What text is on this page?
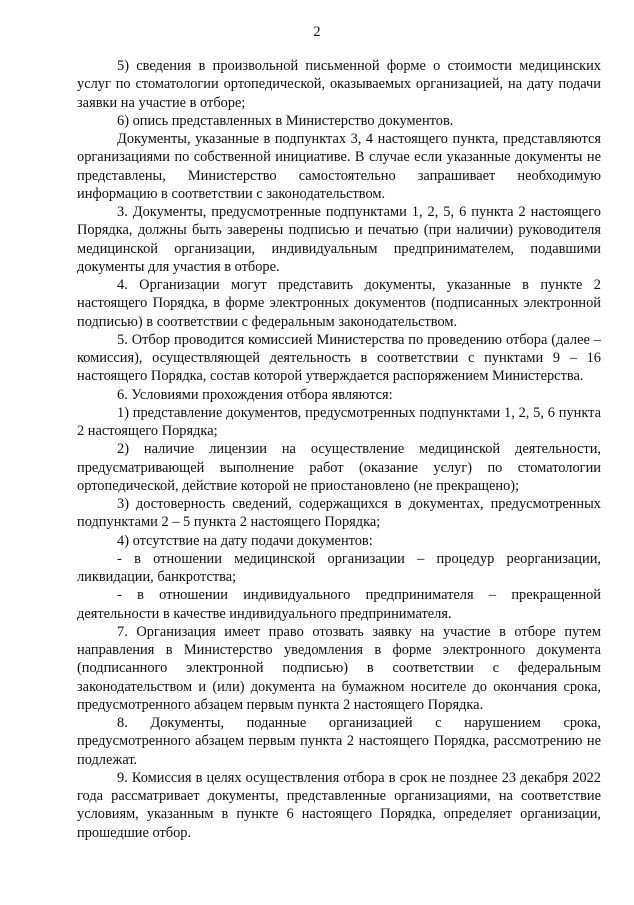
2

5) сведения в произвольной письменной форме о стоимости медицинских услуг по стоматологии ортопедической, оказываемых организацией, на дату подачи заявки на участие в отборе;

6) опись представленных в Министерство документов.

Документы, указанные в подпунктах 3, 4 настоящего пункта, представляются организациями по собственной инициативе. В случае если указанные документы не представлены, Министерство самостоятельно запрашивает необходимую информацию в соответствии с законодательством.

3. Документы, предусмотренные подпунктами 1, 2, 5, 6 пункта 2 настоящего Порядка, должны быть заверены подписью и печатью (при наличии) руководителя медицинской организации, индивидуальным предпринимателем, подавшими документы для участия в отборе.

4. Организации могут представить документы, указанные в пункте 2 настоящего Порядка, в форме электронных документов (подписанных электронной подписью) в соответствии с федеральным законодательством.

5. Отбор проводится комиссией Министерства по проведению отбора (далее – комиссия), осуществляющей деятельность в соответствии с пунктами 9 – 16 настоящего Порядка, состав которой утверждается распоряжением Министерства.

6. Условиями прохождения отбора являются:

1) представление документов, предусмотренных подпунктами 1, 2, 5, 6 пункта 2 настоящего Порядка;

2) наличие лицензии на осуществление медицинской деятельности, предусматривающей выполнение работ (оказание услуг) по стоматологии ортопедической, действие которой не приостановлено (не прекращено);

3) достоверность сведений, содержащихся в документах, предусмотренных подпунктами 2 – 5 пункта 2 настоящего Порядка;

4) отсутствие на дату подачи документов:

- в отношении медицинской организации – процедур реорганизации, ликвидации, банкротства;

- в отношении индивидуального предпринимателя – прекращенной деятельности в качестве индивидуального предпринимателя.

7. Организация имеет право отозвать заявку на участие в отборе путем направления в Министерство уведомления в форме электронного документа (подписанного электронной подписью) в соответствии с федеральным законодательством и (или) документа на бумажном носителе до окончания срока, предусмотренного абзацем первым пункта 2 настоящего Порядка.

8. Документы, поданные организацией с нарушением срока, предусмотренного абзацем первым пункта 2 настоящего Порядка, рассмотрению не подлежат.

9. Комиссия в целях осуществления отбора в срок не позднее 23 декабря 2022 года рассматривает документы, представленные организациями, на соответствие условиям, указанным в пункте 6 настоящего Порядка, определяет организации, прошедшие отбор.
